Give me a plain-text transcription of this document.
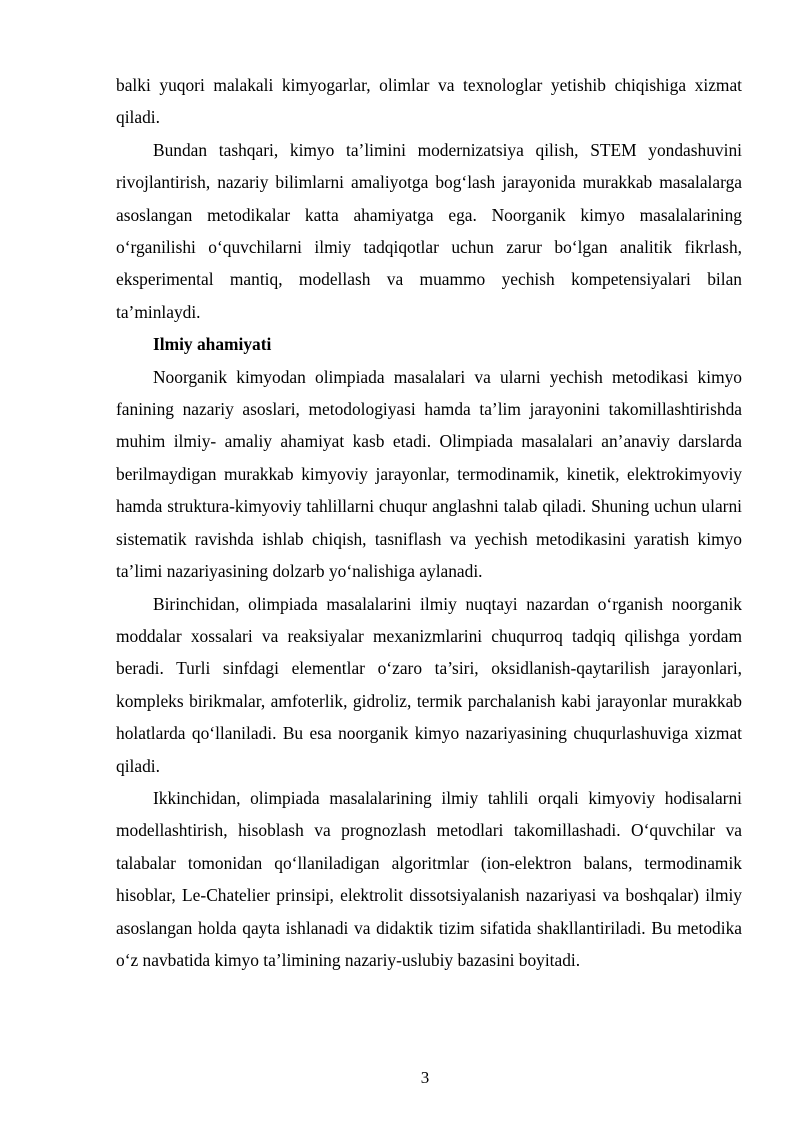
balki yuqori malakali kimyogarlar, olimlar va texnologlar yetishib chiqishiga xizmat qiladi.

Bundan tashqari, kimyo ta’limini modernizatsiya qilish, STEM yondashuvini rivojlantirish, nazariy bilimlarni amaliyotga bog‘lash jarayonida murakkab masalalarga asoslangan metodikalar katta ahamiyatga ega. Noorganik kimyo masalalarining o‘rganilishi o‘quvchilarni ilmiy tadqiqotlar uchun zarur bo‘lgan analitik fikrlash, eksperimental mantiq, modellash va muammo yechish kompetensiyalari bilan ta’minlaydi.

Ilmiy ahamiyati

Noorganik kimyodan olimpiada masalalari va ularni yechish metodikasi kimyo fanining nazariy asoslari, metodologiyasi hamda ta’lim jarayonini takomillashtirishda muhim ilmiy- amaliy ahamiyat kasb etadi. Olimpiada masalalari an’anaviy darslarda berilmaydigan murakkab kimyoviy jarayonlar, termodinamik, kinetik, elektrokimyoviy hamda struktura-kimyoviy tahlillarni chuqur anglashni talab qiladi. Shuning uchun ularni sistematik ravishda ishlab chiqish, tasniflash va yechish metodikasini yaratish kimyo ta’limi nazariyasining dolzarb yo‘nalishiga aylanadi.

Birinchidan, olimpiada masalalarini ilmiy nuqtayi nazardan o‘rganish noorganik moddalar xossalari va reaksiyalar mexanizmlarini chuqurroq tadqiq qilishga yordam beradi. Turli sinfdagi elementlar o‘zaro ta’siri, oksidlanish-qaytarilish jarayonlari, kompleks birikmalar, amfoterlik, gidroliz, termik parchalanish kabi jarayonlar murakkab holatlarda qo‘llaniladi. Bu esa noorganik kimyo nazariyasining chuqurlashuviga xizmat qiladi.

Ikkinchidan, olimpiada masalalarining ilmiy tahlili orqali kimyoviy hodisalarni modellashtirish, hisoblash va prognozlash metodlari takomillashadi. O‘quvchilar va talabalar tomonidan qo‘llaniladigan algoritmlar (ion-elektron balans, termodinamik hisoblar, Le-Chatelier prinsipi, elektrolit dissotsiyalanish nazariyasi va boshqalar) ilmiy asoslangan holda qayta ishlanadi va didaktik tizim sifatida shakllantiriladi. Bu metodika o‘z navbatida kimyo ta’limining nazariy-uslubiy bazasini boyitadi.

3
